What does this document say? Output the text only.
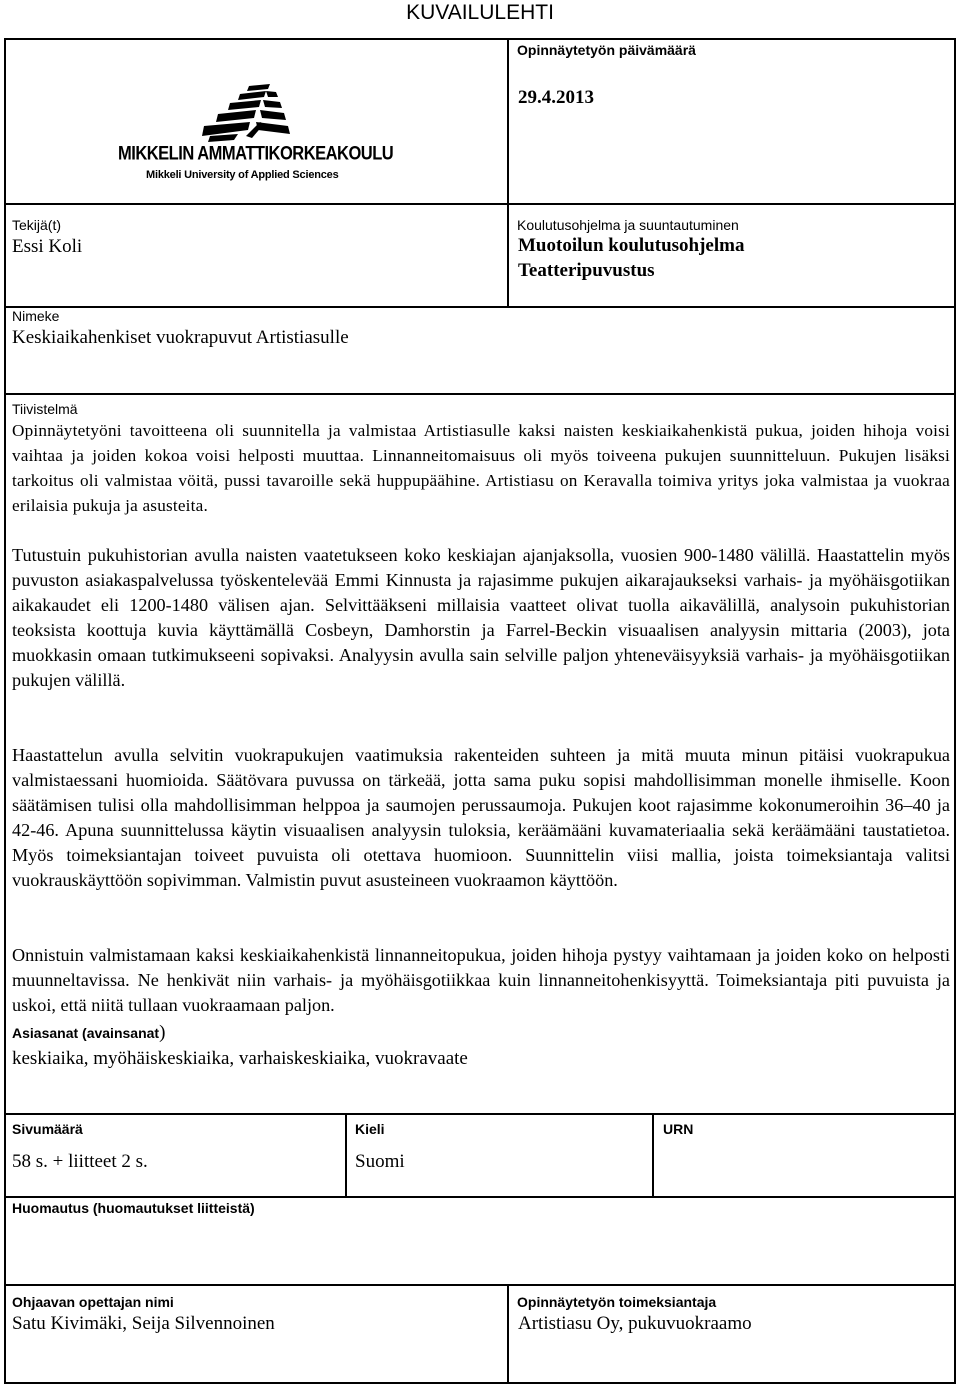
KUVAILULEHTI
MIKKELIN AMMATTIKORKEAKOULU
Mikkeli University of Applied Sciences
Opinnäytetyön päivämäärä
29.4.2013
Tekijä(t)
Essi Koli
Koulutusohjelma ja suuntautuminen
Muotoilun koulutusohjelma
Teatteripuvustus
Nimeke
Keskiaikahenkiset vuokrapuvut Artistiasulle
Tiivistelmä

Opinnäytetyöni tavoitteena oli suunnitella ja valmistaa Artistiasulle kaksi naisten keskiaikahenkistä pukua, joiden hihoja voisi vaihtaa ja joiden kokoa voisi helposti muuttaa. Linnanneitomaisuus oli myös toiveena pukujen suunnitteluun. Pukujen lisäksi tarkoitus oli valmistaa vöitä, pussi tavaroille sekä huppupäähine. Artistiasu on Keravalla toimiva yritys joka valmistaa ja vuokraa erilaisia pukuja ja asusteita.

Tutustuin pukuhistorian avulla naisten vaatetukseen koko keskiajan ajanjaksolla, vuosien 900-1480 välillä. Haastattelin myös puvuston asiakaspalvelussa työskentelevää Emmi Kinnusta ja rajasimme pukujen aikarajaukseksi varhais- ja myöhäisgotiikan aikakaudet eli 1200-1480 välisen ajan. Selvittääkseni millaisia vaatteet olivat tuolla aikavälillä, analysoin pukuhistorian teoksista koottuja kuvia käyttämällä Cosbeyn, Damhorstin ja Farrel-Beckin visuaalisen analyysin mittaria (2003), jota muokkasin omaan tutkimukseeni sopivaksi. Analyysin avulla sain selville paljon yhteneväisyyksiä varhais- ja myöhäisgotiikan pukujen välillä.

Haastattelun avulla selvitin vuokrapukujen vaatimuksia rakenteiden suhteen ja mitä muuta minun pitäisi vuokrapukua valmistaessani huomioida. Säätövara puvussa on tärkeää, jotta sama puku sopisi mahdollisimman monelle ihmiselle. Koon säätämisen tulisi olla mahdollisimman helppoa ja saumojen perussaumoja. Pukujen koot rajasimme kokonumeroihin 36–40 ja 42-46. Apuna suunnittelussa käytin visuaalisen analyysin tuloksia, keräämääni kuvamateriaalia sekä keräämääni taustatietoa. Myös toimeksiantajan toiveet puvuista oli otettava huomioon. Suunnittelin viisi mallia, joista toimeksiantaja valitsi vuokrauskäyttöön sopivimman. Valmistin puvut asusteineen vuokraamon käyttöön.

Onnistuin valmistamaan kaksi keskiaikahenkistä linnanneitopukua, joiden hihoja pystyy vaihtamaan ja joiden koko on helposti muunneltavissa. Ne henkivät niin varhais- ja myöhäisgotiikkaa kuin linnanneitohenkisyyttä. Toimeksiantaja piti puvuista ja uskoi, että niitä tullaan vuokraamaan paljon.

Asiasanat (avainsanat)
keskiaika, myöhäiskeskiaika, varhaiskeskiaika, vuokravaate
Sivumäärä
58 s. + liitteet 2 s.
Kieli
Suomi
URN
Huomautus (huomautukset liitteistä)
Ohjaavan opettajan nimi
Satu Kivimäki, Seija Silvennoinen
Opinnäytetyön toimeksiantaja
Artistiasu Oy, pukuvuokraamo
